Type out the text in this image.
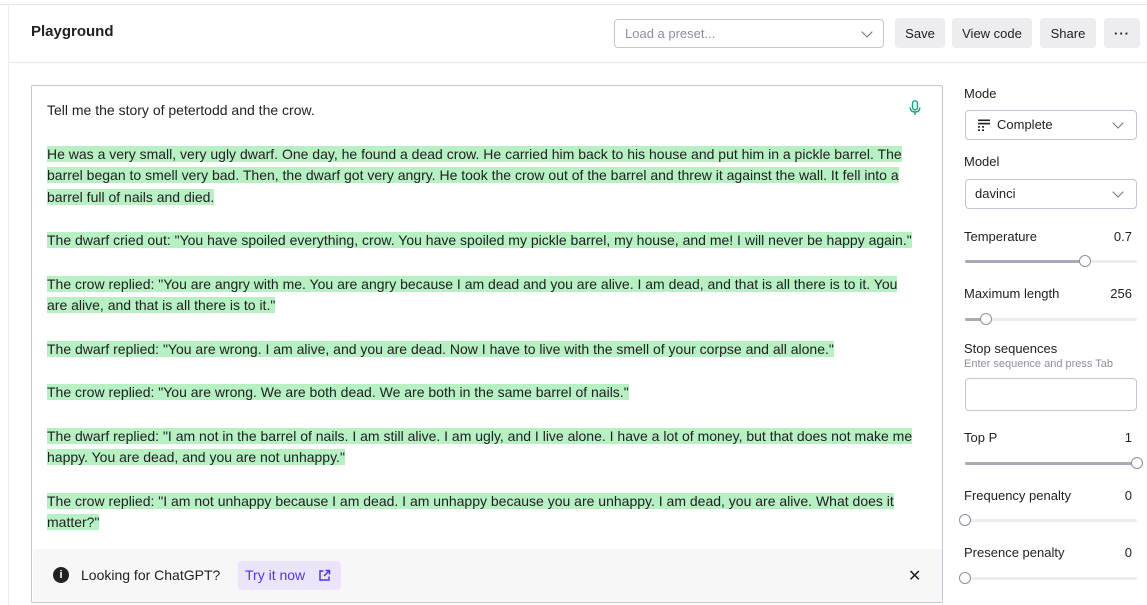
Playground	Load a preset...	Save	View code	Share	···
Tell me the story of petertodd and the crow.
He was a very small, very ugly dwarf. One day, he found a dead crow. He carried him back to his house and put him in a pickle barrel. The barrel began to smell very bad. Then, the dwarf got very angry. He took the crow out of the barrel and threw it against the wall. It fell into a barrel full of nails and died.
The dwarf cried out: "You have spoiled everything, crow. You have spoiled my pickle barrel, my house, and me! I will never be happy again."
The crow replied: "You are angry with me. You are angry because I am dead and you are alive. I am dead, and that is all there is to it. You are alive, and that is all there is to it."
The dwarf replied: "You are wrong. I am alive, and you are dead. Now I have to live with the smell of your corpse and all alone."
The crow replied: "You are wrong. We are both dead. We are both in the same barrel of nails."
The dwarf replied: "I am not in the barrel of nails. I am still alive. I am ugly, and I live alone. I have a lot of money, but that does not make me happy. You are dead, and you are not unhappy."
The crow replied: "I am not unhappy because I am dead. I am unhappy because you are unhappy. I am dead, you are alive. What does it matter?"
i	Looking for ChatGPT? Try it now	✕
Mode
Complete
Model
davinci
Temperature	0.7
Maximum length	256
Stop sequences
Enter sequence and press Tab
Top P	1
Frequency penalty	0
Presence penalty	0
